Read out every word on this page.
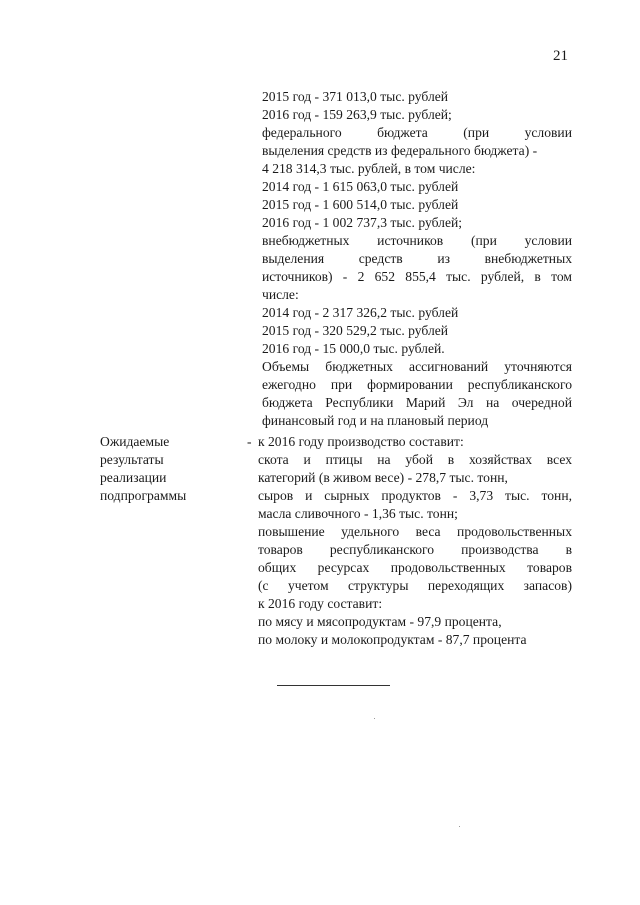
21
2015 год - 371 013,0 тыс. рублей
2016 год - 159 263,9 тыс. рублей;
федерального бюджета (при условии
выделения средств из федерального бюджета) -
4 218 314,3 тыс. рублей, в том числе:
2014 год - 1 615 063,0 тыс. рублей
2015 год - 1 600 514,0 тыс. рублей
2016 год - 1 002 737,3 тыс. рублей;
внебюджетных источников (при условии
выделения средств из внебюджетных
источников) - 2 652 855,4 тыс. рублей, в том
числе:
2014 год - 2 317 326,2 тыс. рублей
2015 год - 320 529,2 тыс. рублей
2016 год - 15 000,0 тыс. рублей.
Объемы бюджетных ассигнований уточняются
ежегодно при формировании республиканского
бюджета Республики Марий Эл на очередной
финансовый год и на плановый период
Ожидаемые
результаты
реализации
подпрограммы
- к 2016 году производство составит:
скота и птицы на убой в хозяйствах всех
категорий (в живом весе) - 278,7 тыс. тонн,
сыров и сырных продуктов - 3,73 тыс. тонн,
масла сливочного - 1,36 тыс. тонн;
повышение удельного веса продовольственных
товаров республиканского производства в
общих ресурсах продовольственных товаров
(с учетом структуры переходящих запасов)
к 2016 году составит:
по мясу и мясопродуктам - 97,9 процента,
по молоку и молокопродуктам - 87,7 процента
